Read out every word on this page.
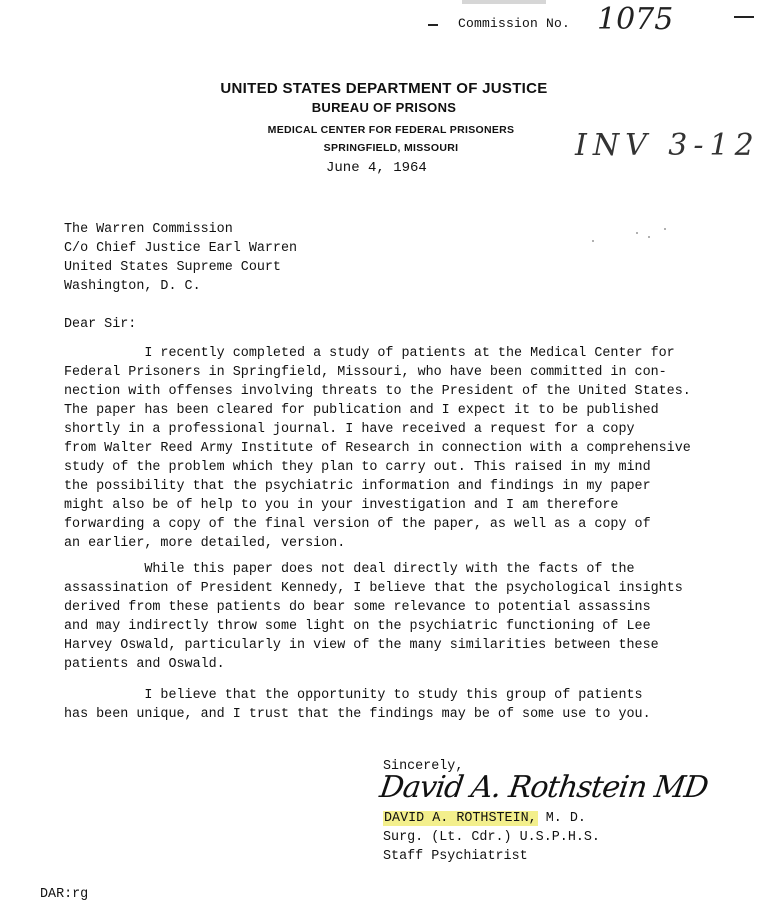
Commission No. 1075
UNITED STATES DEPARTMENT OF JUSTICE
BUREAU OF PRISONS
MEDICAL CENTER FOR FEDERAL PRISONERS
SPRINGFIELD, MISSOURI	INV 3-12
June 4, 1964
The Warren Commission
C/o Chief Justice Earl Warren
United States Supreme Court
Washington, D. C.
Dear Sir:
I recently completed a study of patients at the Medical Center for
Federal Prisoners in Springfield, Missouri, who have been committed in con-
nection with offenses involving threats to the President of the United States.
The paper has been cleared for publication and I expect it to be published
shortly in a professional journal. I have received a request for a copy
from Walter Reed Army Institute of Research in connection with a comprehensive
study of the problem which they plan to carry out. This raised in my mind
the possibility that the psychiatric information and findings in my paper
might also be of help to you in your investigation and I am therefore
forwarding a copy of the final version of the paper, as well as a copy of
an earlier, more detailed, version.
While this paper does not deal directly with the facts of the
assassination of President Kennedy, I believe that the psychological insights
derived from these patients do bear some relevance to potential assassins
and may indirectly throw some light on the psychiatric functioning of Lee
Harvey Oswald, particularly in view of the many similarities between these
patients and Oswald.
I believe that the opportunity to study this group of patients
has been unique, and I trust that the findings may be of some use to you.
Sincerely,
David A. Rothstein MD
DAVID A. ROTHSTEIN, M. D.
Surg. (Lt. Cdr.) U.S.P.H.S.
Staff Psychiatrist
DAR:rg
